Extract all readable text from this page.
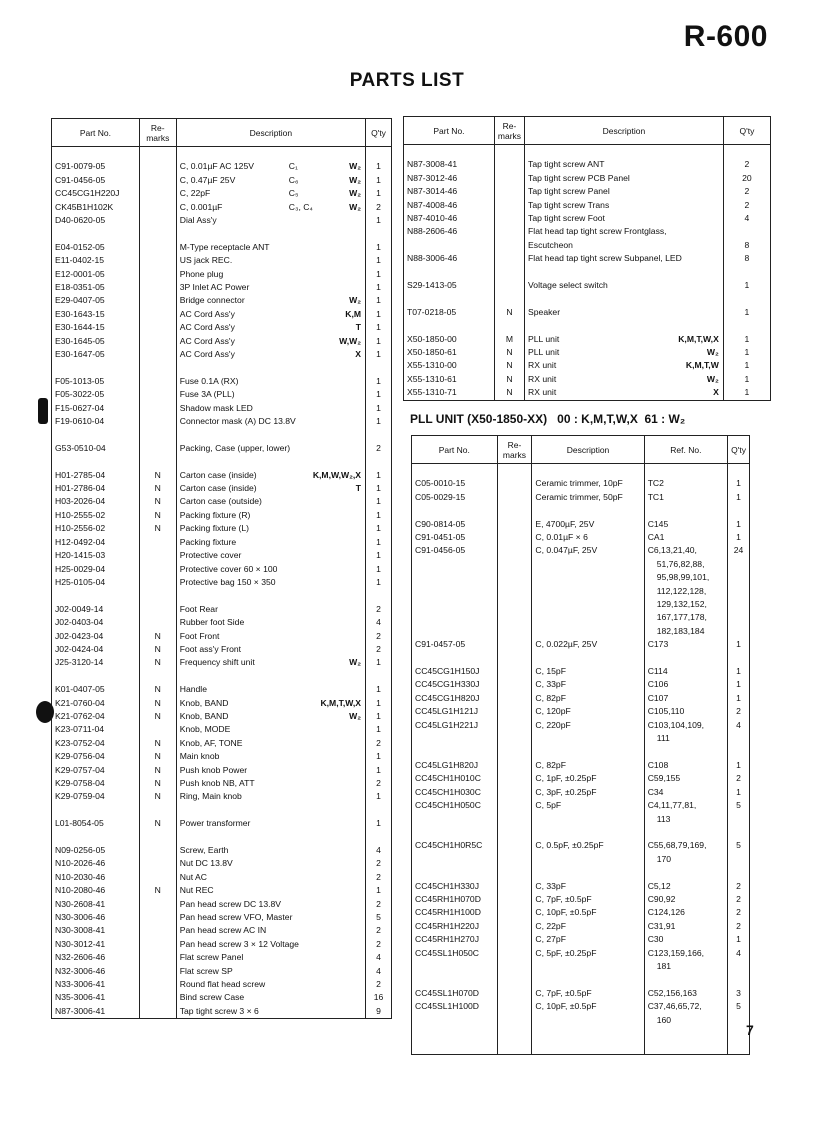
R-600
PARTS LIST
Part No.	Re-
marks	Description	Q'ty

C91-0079-05		C, 0.01µF AC 125V C₁ W₂	1
C91-0456-05		C, 0.47µF 25V C₆ W₂	1
CC45CG1H220J		C, 22pF C₅ W₂	1
CK45B1H102K		C, 0.001µF C₃, C₄ W₂	2
D40-0620-05		Dial Ass'y	1

E04-0152-05		M-Type receptacle ANT	1
E11-0402-15		US jack REC.	1
E12-0001-05		Phone plug	1
E18-0351-05		3P Inlet AC Power	1
E29-0407-05		Bridge connector W₂	1
E30-1643-15		AC Cord Ass'y K,M	1
E30-1644-15		AC Cord Ass'y T	1
E30-1645-05		AC Cord Ass'y W,W₂	1
E30-1647-05		AC Cord Ass'y X	1

F05-1013-05		Fuse 0.1A (RX)	1
F05-3022-05		Fuse 3A (PLL)	1
F15-0627-04		Shadow mask LED	1
F19-0610-04		Connector mask (A) DC 13.8V	1

G53-0510-04		Packing, Case (upper, lower)	2

H01-2785-04	N	Carton case (inside) K,M,W,W₂,X	1
H01-2786-04	N	Carton case (inside) T	1
H03-2026-04	N	Carton case (outside)	1
H10-2555-02	N	Packing fixture (R)	1
H10-2556-02	N	Packing fixture (L)	1
H12-0492-04		Packing fixture	1
H20-1415-03		Protective cover	1
H25-0029-04		Protective cover 60 × 100	1
H25-0105-04		Protective bag 150 × 350	1

J02-0049-14		Foot Rear	2
J02-0403-04		Rubber foot Side	4
J02-0423-04	N	Foot Front	2
J02-0424-04	N	Foot ass'y Front	2
J25-3120-14	N	Frequency shift unit W₂	1

K01-0407-05	N	Handle	1
K21-0760-04	N	Knob, BAND K,M,T,W,X	1
K21-0762-04	N	Knob, BAND W₂	1
K23-0711-04		Knob, MODE	1
K23-0752-04	N	Knob, AF, TONE	2
K29-0756-04	N	Main knob	1
K29-0757-04	N	Push knob Power	1
K29-0758-04	N	Push knob NB, ATT	2
K29-0759-04	N	Ring, Main knob	1

L01-8054-05	N	Power transformer	1

N09-0256-05		Screw, Earth	4
N10-2026-46		Nut DC 13.8V	2
N10-2030-46		Nut AC	2
N10-2080-46	N	Nut REC	1
N30-2608-41		Pan head screw DC 13.8V	2
N30-3006-46		Pan head screw VFO, Master	5
N30-3008-41		Pan head screw AC IN	2
N30-3012-41		Pan head screw 3 × 12 Voltage	2
N32-2606-46		Flat screw Panel	4
N32-3006-46		Flat screw SP	4
N33-3006-41		Round flat head screw	2
N35-3006-41		Bind screw Case	16
N87-3006-41		Tap tight screw 3 × 6	9
Part No.	Re-
marks	Description	Q'ty

N87-3008-41		Tap tight screw ANT	2
N87-3012-46		Tap tight screw PCB Panel	20
N87-3014-46		Tap tight screw Panel	2
N87-4008-46		Tap tight screw Trans	2
N87-4010-46		Tap tight screw Foot	4
N88-2606-46		Flat head tap tight screw Frontglass,

		Escutcheon	8
N88-3006-46		Flat head tap tight screw Subpanel, LED	8

S29-1413-05		Voltage select switch	1

T07-0218-05	N	Speaker	1

X50-1850-00	M	PLL unit K,M,T,W,X	1
X50-1850-61	N	PLL unit W₂	1
X55-1310-00	N	RX unit K,M,T,W	1
X55-1310-61	N	RX unit W₂	1
X55-1310-71	N	RX unit X	1
PLL UNIT (X50-1850-XX)   00 : K,M,T,W,X  61 : W₂
Part No.	Re-
marks	Description	Ref. No.	Q'ty

C05-0010-15		Ceramic trimmer, 10pF	TC2	1
C05-0029-15		Ceramic trimmer, 50pF	TC1	1

C90-0814-05		E, 4700µF, 25V	C145	1
C91-0451-05		C, 0.01µF × 6	CA1	1
C91-0456-05		C, 0.047µF, 25V	C6,13,21,40,	24
			51,76,82,88,	
			95,98,99,101,	
			112,122,128,	
			129,132,152,	
			167,177,178,	
			182,183,184	
C91-0457-05		C, 0.022µF, 25V	C173	1

CC45CG1H150J		C, 15pF	C114	1
CC45CG1H330J		C, 33pF	C106	1
CC45CG1H820J		C, 82pF	C107	1
CC45LG1H121J		C, 120pF	C105,110	2
CC45LG1H221J		C, 220pF	C103,104,109,	4
			111	

CC45LG1H820J		C, 82pF	C108	1
CC45CH1H010C		C, 1pF, ±0.25pF	C59,155	2
CC45CH1H030C		C, 3pF, ±0.25pF	C34	1
CC45CH1H050C		C, 5pF	C4,11,77,81,	5
			113	

CC45CH1H0R5C		C, 0.5pF, ±0.25pF	C55,68,79,169,	5
			170	

CC45CH1H330J		C, 33pF	C5,12	2
CC45RH1H070D		C, 7pF, ±0.5pF	C90,92	2
CC45RH1H100D		C, 10pF, ±0.5pF	C124,126	2
CC45RH1H220J		C, 22pF	C31,91	2
CC45RH1H270J		C, 27pF	C30	1
CC45SL1H050C		C, 5pF, ±0.25pF	C123,159,166,	4
			181	

CC45SL1H070D		C, 7pF, ±0.5pF	C52,156,163	3
CC45SL1H100D		C, 10pF, ±0.5pF	C37,46,65,72,	5
			160	

7
